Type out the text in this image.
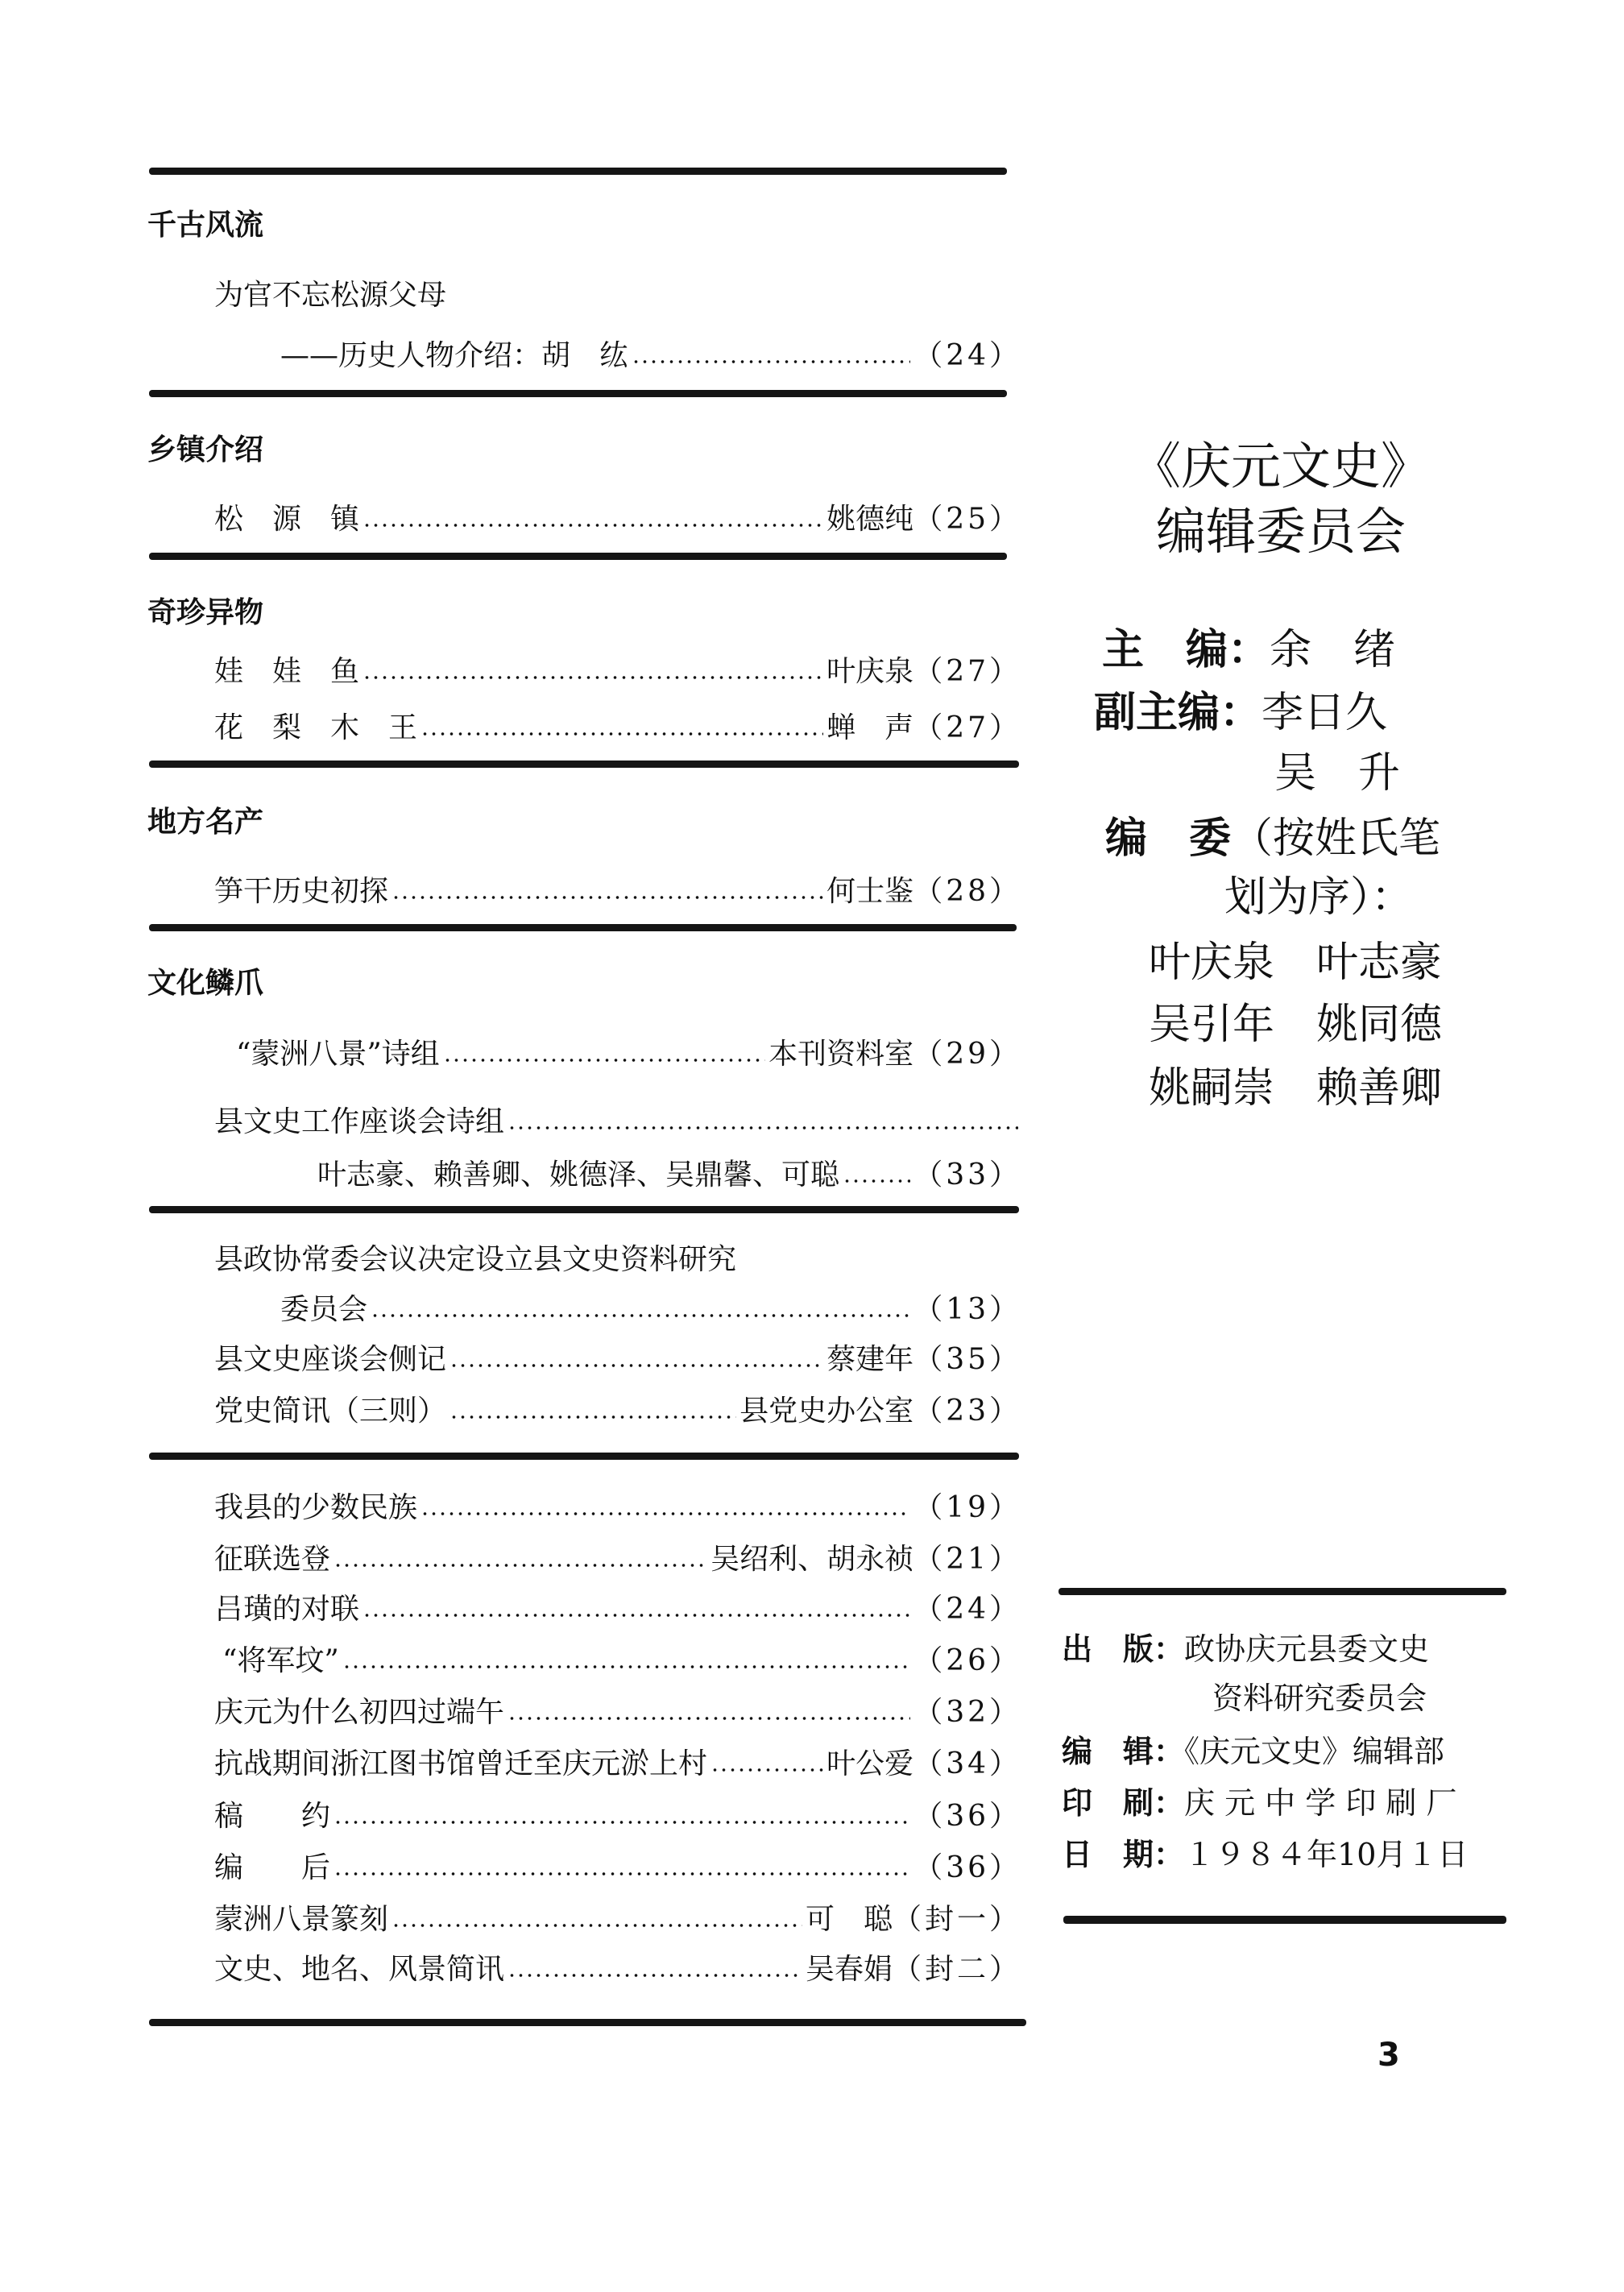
千古风流
为官不忘松源父母
——历史人物介绍：胡　纮	（24）
乡镇介绍
松　源　镇	姚德纯 （25）
奇珍异物
娃　娃　鱼	叶庆泉 （27）
花　梨　木　王	蝉　声 （27）
地方名产
笋干历史初探	何士鉴 （28）
文化鳞爪
“蒙洲八景”诗组	本刊资料室 （29）
县文史工作座谈会诗组
叶志豪、赖善卿、姚德泽、吴鼎馨、可聪	（33）
县政协常委会议决定设立县文史资料研究
委员会	（13）
县文史座谈会侧记	蔡建年 （35）
党史简讯（三则）	县党史办公室 （23）
我县的少数民族	（19）
征联选登	吴绍利、胡永祯 （21）
吕璜的对联	（24）
“将军坟”	（26）
庆元为什么初四过端午	（32）
抗战期间浙江图书馆曾迁至庆元淤上村	叶公爱 （34）
稿　　约	（36）
编　　后	（36）
蒙洲八景篆刻	可　聪 （封一）
文史、地名、风景简讯	吴春娟 （封二）
《庆元文史》
编辑委员会
主　编：余　绪
副主编：李日久
吴　升
编　委（按姓氏笔
划为序）：
叶庆泉　叶志豪
吴引年　姚同德
姚嗣崇　赖善卿
出　版：政协庆元县委文史
资料研究委员会
编　辑：《庆元文史》编辑部
印　刷：庆 元 中 学 印 刷 厂
日　期：１９８４年10月１日
3
